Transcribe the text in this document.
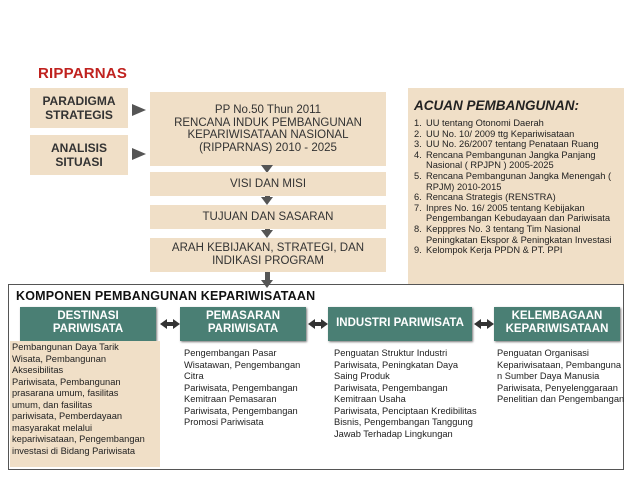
RIPPARNAS
PARADIGMA
STRATEGIS
ANALISIS
SITUASI
PP No.50 Thun 2011
RENCANA INDUK PEMBANGUNAN
KEPARIWISATAAN NASIONAL
(RIPPARNAS) 2010 - 2025
VISI DAN MISI
TUJUAN DAN SASARAN
ARAH KEBIJAKAN, STRATEGI, DAN
INDIKASI PROGRAM
ACUAN PEMBANGUNAN:
1. UU tentang Otonomi Daerah
2. UU No. 10/ 2009 ttg Kepariwisataan
3. UU No. 26/2007 tentang Penataan Ruang
4. Rencana Pembangunan Jangka Panjang
Nasional ( RPJPN ) 2005-2025
5. Rencana Pembangunan Jangka Menengah (
RPJM) 2010-2015
6. Rencana Strategis (RENSTRA)
7. Inpres No. 16/ 2005 tentang Kebijakan
Pengembangan Kebudayaan dan Pariwisata
8. Kepppres No. 3 tentang Tim Nasional
Peningkatan Ekspor & Peningkatan Investasi
9. Kelompok Kerja PPDN & PT. PPI
KOMPONEN PEMBANGUNAN KEPARIWISATAAN
DESTINASI
PARIWISATA
PEMASARAN
PARIWISATA	INDUSTRI PARIWISATA
KELEMBAGAAN
KEPARIWISATAAN
Pembangunan Daya Tarik
Wisata, Pembangunan
Aksesibilitas
Pariwisata, Pembangunan
prasarana umum, fasilitas
umum, dan fasilitas
pariwisata, Pemberdayaan
masyarakat melalui
kepariwisataan, Pengembangan
investasi di Bidang Pariwisata
Pengembangan Pasar
Wisatawan, Pengembangan
Citra
Pariwisata, Pengembangan
Kemitraan Pemasaran
Pariwisata, Pengembangan
Promosi Pariwisata
Penguatan Struktur Industri
Pariwisata, Peningkatan Daya
Saing Produk
Pariwisata, Pengembangan
Kemitraan Usaha
Pariwisata, Penciptaan Kredibilitas
Bisnis, Pengembangan Tanggung
Jawab Terhadap Lingkungan
Penguatan Organisasi
Kepariwisataan, Pembanguna
n Sumber Daya Manusia
Pariwisata, Penyelenggaraan
Penelitian dan Pengembangan
